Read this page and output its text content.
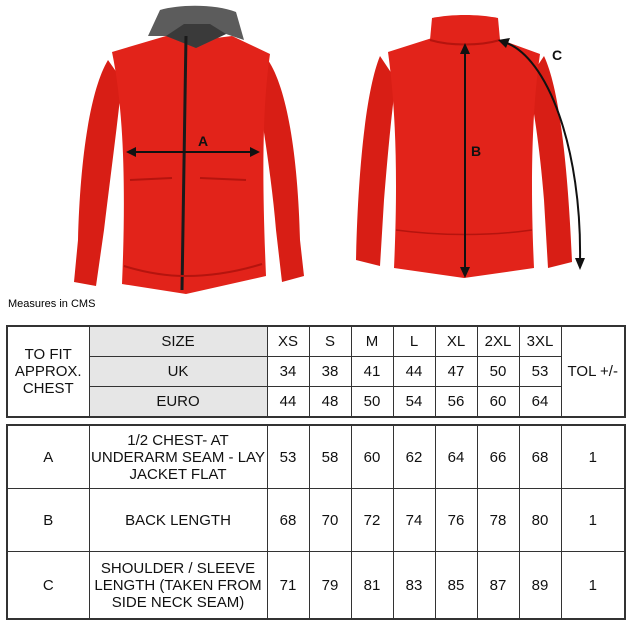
A
B
C
Measures in CMS
TO FIT APPROX. CHEST	SIZE	XS	S	M	L	XL	2XL	3XL	TOL +/-
	UK	34	38	41	44	47	50	53	
	EURO	44	48	50	54	56	60	64	

A	1/2 CHEST- AT UNDERARM SEAM - LAY JACKET FLAT	53	58	60	62	64	66	68	1
B	BACK LENGTH	68	70	72	74	76	78	80	1
C	SHOULDER / SLEEVE LENGTH (TAKEN FROM SIDE NECK SEAM)	71	79	81	83	85	87	89	1
